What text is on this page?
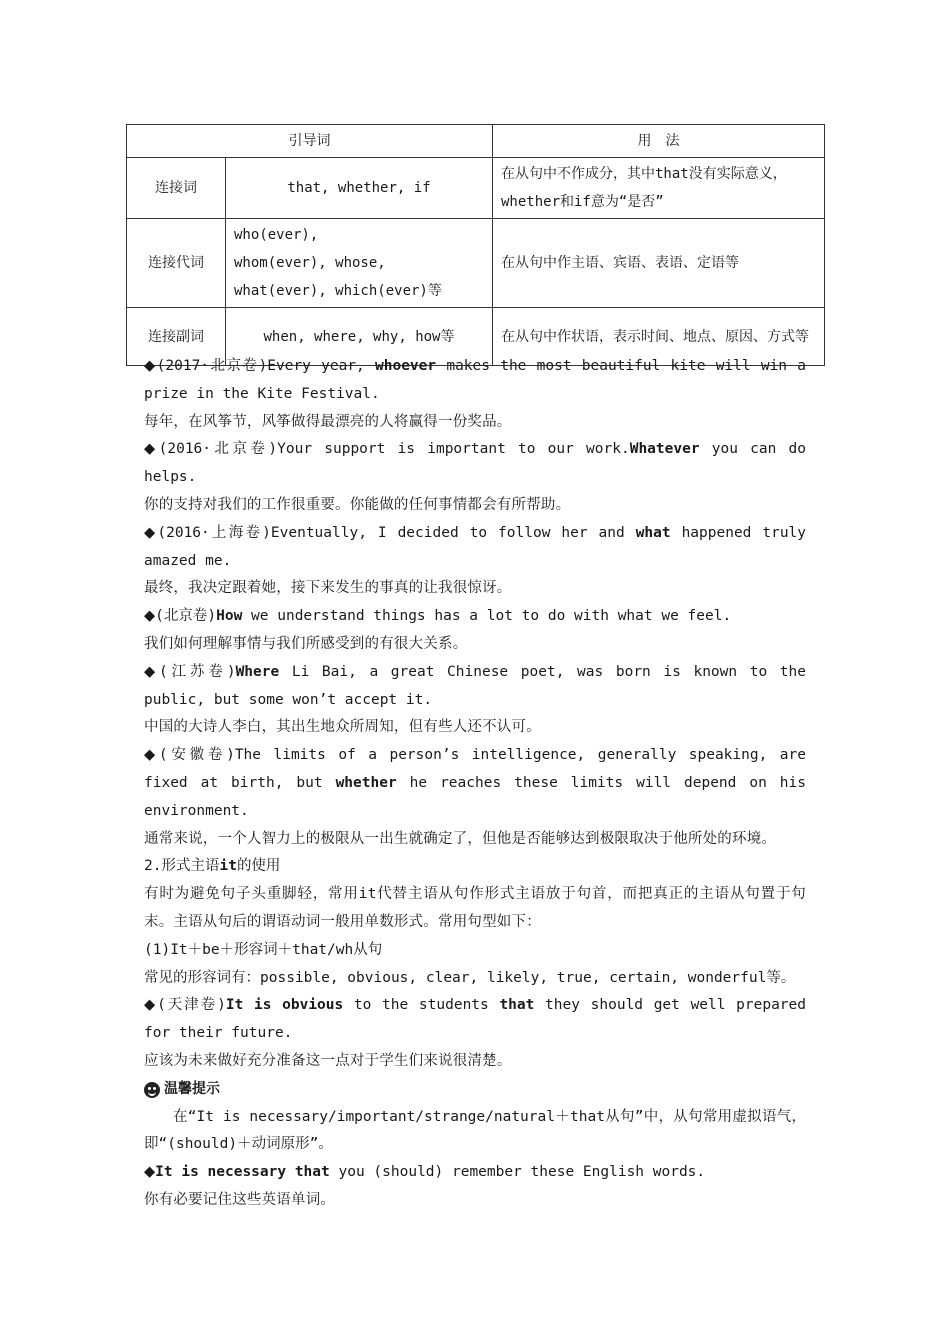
引导词		用　法
连接词	that, whether, if	在从句中不作成分，其中that没有实际意义，whether和if意为“是否”
连接代词	who(ever),
whom(ever), whose,
what(ever), which(ever)等	在从句中作主语、宾语、表语、定语等
连接副词	when, where, why, how等	在从句中作状语，表示时间、地点、原因、方式等

◆(2017·北京卷)Every year, whoever makes the most beautiful kite will win a prize in the Kite Festival.

每年，在风筝节，风筝做得最漂亮的人将赢得一份奖品。

◆(2016·北京卷)Your support is important to our work.Whatever you can do helps.

你的支持对我们的工作很重要。你能做的任何事情都会有所帮助。

◆(2016·上海卷)Eventually, I decided to follow her and what happened truly amazed me.

最终，我决定跟着她，接下来发生的事真的让我很惊讶。

◆(北京卷)How we understand things has a lot to do with what we feel.

我们如何理解事情与我们所感受到的有很大关系。

◆(江苏卷)Where Li Bai, a great Chinese poet, was born is known to the public, but some won’t accept it.

中国的大诗人李白，其出生地众所周知，但有些人还不认可。

◆(安徽卷)The limits of a person’s intelligence, generally speaking, are fixed at birth, but whether he reaches these limits will depend on his environment.

通常来说，一个人智力上的极限从一出生就确定了，但他是否能够达到极限取决于他所处的环境。

2.形式主语it的使用

有时为避免句子头重脚轻，常用it代替主语从句作形式主语放于句首，而把真正的主语从句置于句末。主语从句后的谓语动词一般用单数形式。常用句型如下：

(1)It＋be＋形容词＋that/wh从句

常见的形容词有：possible, obvious, clear, likely, true, certain, wonderful等。

◆(天津卷)It is obvious to the students that they should get well prepared for their future.

应该为未来做好充分准备这一点对于学生们来说很清楚。

温馨提示

在“It is necessary/important/strange/natural＋that从句”中，从句常用虚拟语气，即“(should)＋动词原形”。

◆It is necessary that you (should) remember these English words.

你有必要记住这些英语单词。
